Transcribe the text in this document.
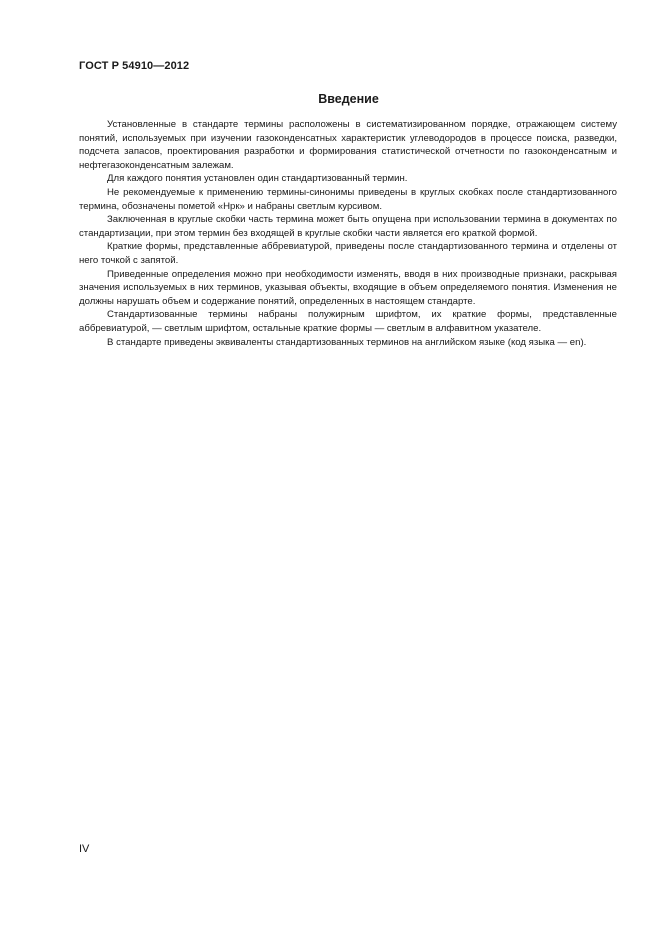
ГОСТ Р 54910—2012
Введение

Установленные в стандарте термины расположены в систематизированном порядке, отражающем систему понятий, используемых при изучении газоконденсатных характеристик углеводородов в процессе поиска, разведки, подсчета запасов, проектирования разработки и формирования статистической отчетности по газоконденсатным и нефтегазоконденсатным залежам.

Для каждого понятия установлен один стандартизованный термин.

Не рекомендуемые к применению термины-синонимы приведены в круглых скобках после стандартизованного термина, обозначены пометой «Нрк» и набраны светлым курсивом.

Заключенная в круглые скобки часть термина может быть опущена при использовании термина в документах по стандартизации, при этом термин без входящей в круглые скобки части является его краткой формой.

Краткие формы, представленные аббревиатурой, приведены после стандартизованного термина и отделены от него точкой с запятой.

Приведенные определения можно при необходимости изменять, вводя в них производные признаки, раскрывая значения используемых в них терминов, указывая объекты, входящие в объем определяемого понятия. Изменения не должны нарушать объем и содержание понятий, определенных в настоящем стандарте.

Стандартизованные термины набраны полужирным шрифтом, их краткие формы, представленные аббревиатурой, — светлым шрифтом, остальные краткие формы — светлым в алфавитном указателе.

В стандарте приведены эквиваленты стандартизованных терминов на английском языке (код языка — en).

IV
